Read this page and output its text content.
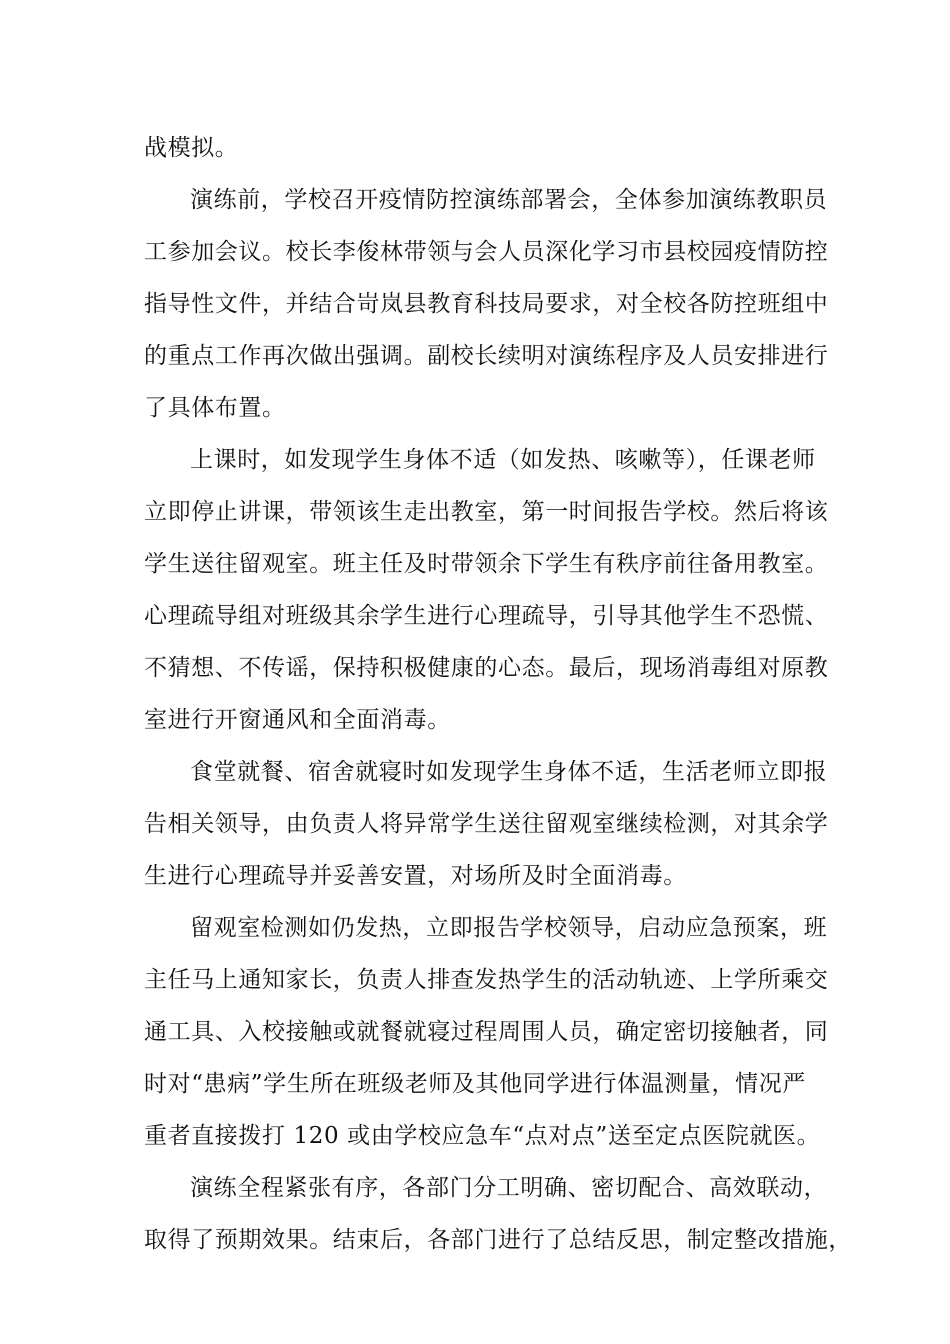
战模拟。
演练前，学校召开疫情防控演练部署会，全体参加演练教职员
工参加会议。校长李俊林带领与会人员深化学习市县校园疫情防控
指导性文件，并结合岢岚县教育科技局要求，对全校各防控班组中
的重点工作再次做出强调。副校长续明对演练程序及人员安排进行
了具体布置。
上课时，如发现学生身体不适（如发热、咳嗽等），任课老师
立即停止讲课，带领该生走出教室，第一时间报告学校。然后将该
学生送往留观室。班主任及时带领余下学生有秩序前往备用教室。
心理疏导组对班级其余学生进行心理疏导，引导其他学生不恐慌、
不猜想、不传谣，保持积极健康的心态。最后，现场消毒组对原教
室进行开窗通风和全面消毒。
食堂就餐、宿舍就寝时如发现学生身体不适，生活老师立即报
告相关领导，由负责人将异常学生送往留观室继续检测，对其余学
生进行心理疏导并妥善安置，对场所及时全面消毒。
留观室检测如仍发热，立即报告学校领导，启动应急预案，班
主任马上通知家长，负责人排查发热学生的活动轨迹、上学所乘交
通工具、入校接触或就餐就寝过程周围人员，确定密切接触者，同
时对“患病”学生所在班级老师及其他同学进行体温测量，情况严
重者直接拨打 120 或由学校应急车“点对点”送至定点医院就医。
演练全程紧张有序，各部门分工明确、密切配合、高效联动，
取得了预期效果。结束后，各部门进行了总结反思，制定整改措施，
